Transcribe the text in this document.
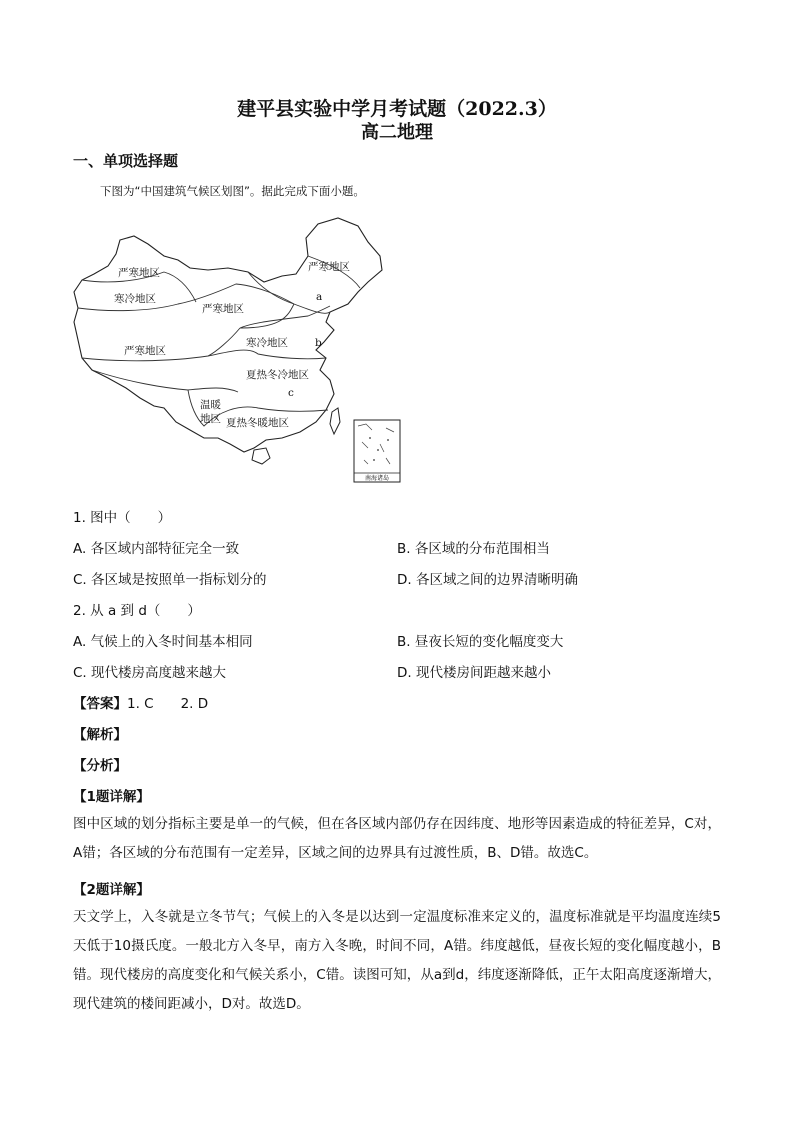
建平县实验中学月考试题（2022.3）
高二地理
一、单项选择题
下图为“中国建筑气候区划图”。据此完成下面小题。
严寒地区
寒冷地区
严寒地区
严寒地区
a
严寒地区
寒冷地区	b
夏热冬冷地区
c
温暖
地区 夏热冬暖地区
南海诸岛
1. 图中（　　）
A. 各区域内部特征完全一致	B. 各区域的分布范围相当
C. 各区域是按照单一指标划分的	D. 各区域之间的边界清晰明确
2. 从 a 到 d（　　）
A. 气候上的入冬时间基本相同	B. 昼夜长短的变化幅度变大
C. 现代楼房高度越来越大	D. 现代楼房间距越来越小
【答案】1. C　　2. D
【解析】
【分析】
【1题详解】
图中区域的划分指标主要是单一的气候，但在各区域内部仍存在因纬度、地形等因素造成的特征差异，C对，A错；各区域的分布范围有一定差异，区域之间的边界具有过渡性质，B、D错。故选C。
【2题详解】
天文学上，入冬就是立冬节气；气候上的入冬是以达到一定温度标准来定义的，温度标准就是平均温度连续5天低于10摄氏度。一般北方入冬早，南方入冬晚，时间不同，A错。纬度越低，昼夜长短的变化幅度越小，B错。现代楼房的高度变化和气候关系小，C错。读图可知，从a到d，纬度逐渐降低，正午太阳高度逐渐增大，现代建筑的楼间距减小，D对。故选D。
